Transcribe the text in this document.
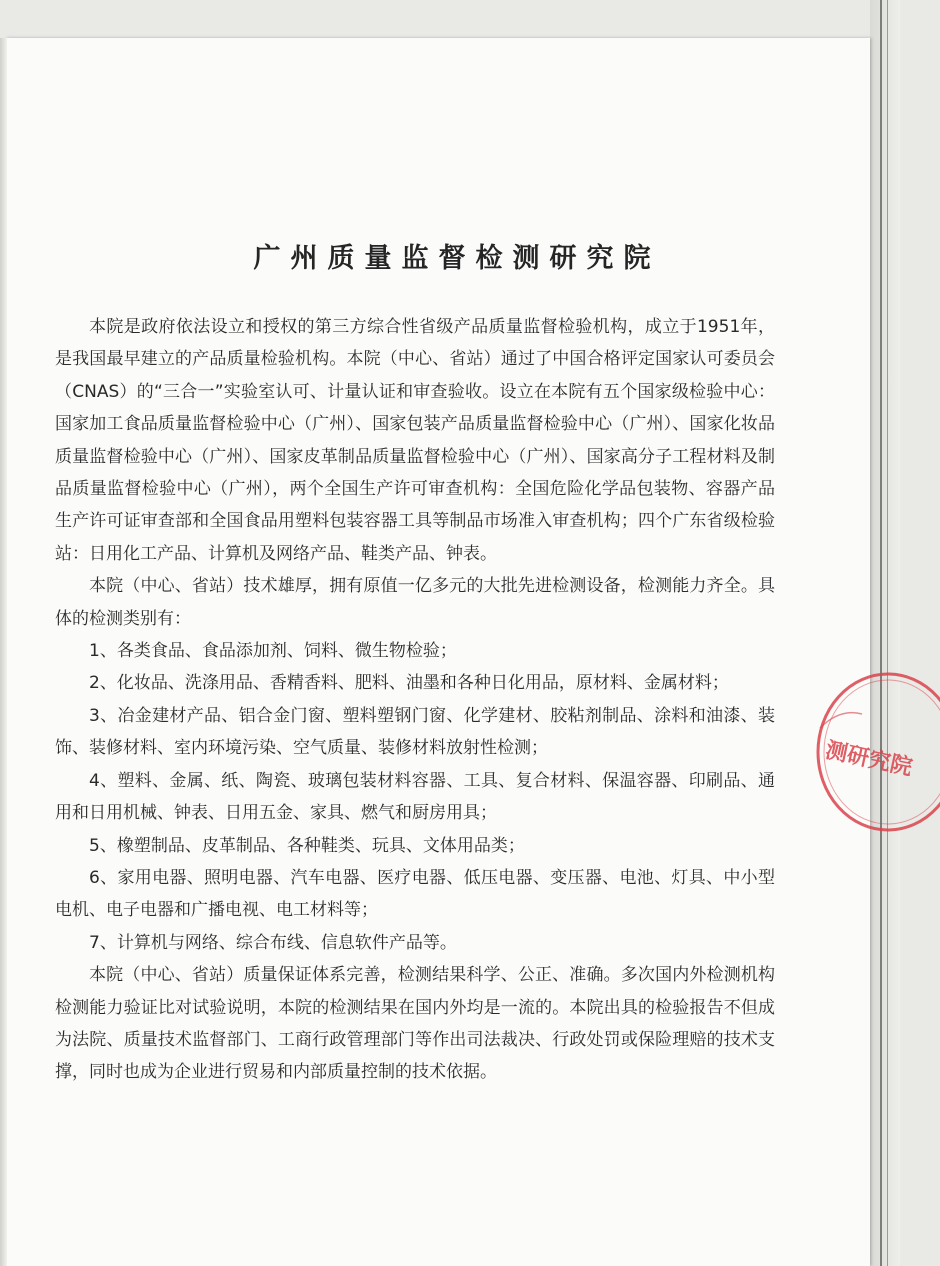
广州质量监督检测研究院

本院是政府依法设立和授权的第三方综合性省级产品质量监督检验机构，成立于1951年，是我国最早建立的产品质量检验机构。本院（中心、省站）通过了中国合格评定国家认可委员会（CNAS）的“三合一”实验室认可、计量认证和审查验收。设立在本院有五个国家级检验中心：国家加工食品质量监督检验中心（广州）、国家包装产品质量监督检验中心（广州）、国家化妆品质量监督检验中心（广州）、国家皮革制品质量监督检验中心（广州）、国家高分子工程材料及制品质量监督检验中心（广州），两个全国生产许可审查机构：全国危险化学品包装物、容器产品生产许可证审查部和全国食品用塑料包装容器工具等制品市场准入审查机构；四个广东省级检验站：日用化工产品、计算机及网络产品、鞋类产品、钟表。

本院（中心、省站）技术雄厚，拥有原值一亿多元的大批先进检测设备，检测能力齐全。具体的检测类别有：

1、各类食品、食品添加剂、饲料、微生物检验；

2、化妆品、洗涤用品、香精香料、肥料、油墨和各种日化用品，原材料、金属材料；

3、冶金建材产品、铝合金门窗、塑料塑钢门窗、化学建材、胶粘剂制品、涂料和油漆、装饰、装修材料、室内环境污染、空气质量、装修材料放射性检测；

4、塑料、金属、纸、陶瓷、玻璃包装材料容器、工具、复合材料、保温容器、印刷品、通用和日用机械、钟表、日用五金、家具、燃气和厨房用具；

5、橡塑制品、皮革制品、各种鞋类、玩具、文体用品类；

6、家用电器、照明电器、汽车电器、医疗电器、低压电器、变压器、电池、灯具、中小型电机、电子电器和广播电视、电工材料等；

7、计算机与网络、综合布线、信息软件产品等。

本院（中心、省站）质量保证体系完善，检测结果科学、公正、准确。多次国内外检测机构检测能力验证比对试验说明，本院的检测结果在国内外均是一流的。本院出具的检验报告不但成为法院、质量技术监督部门、工商行政管理部门等作出司法裁决、行政处罚或保险理赔的技术支撑，同时也成为企业进行贸易和内部质量控制的技术依据。

测研究院
